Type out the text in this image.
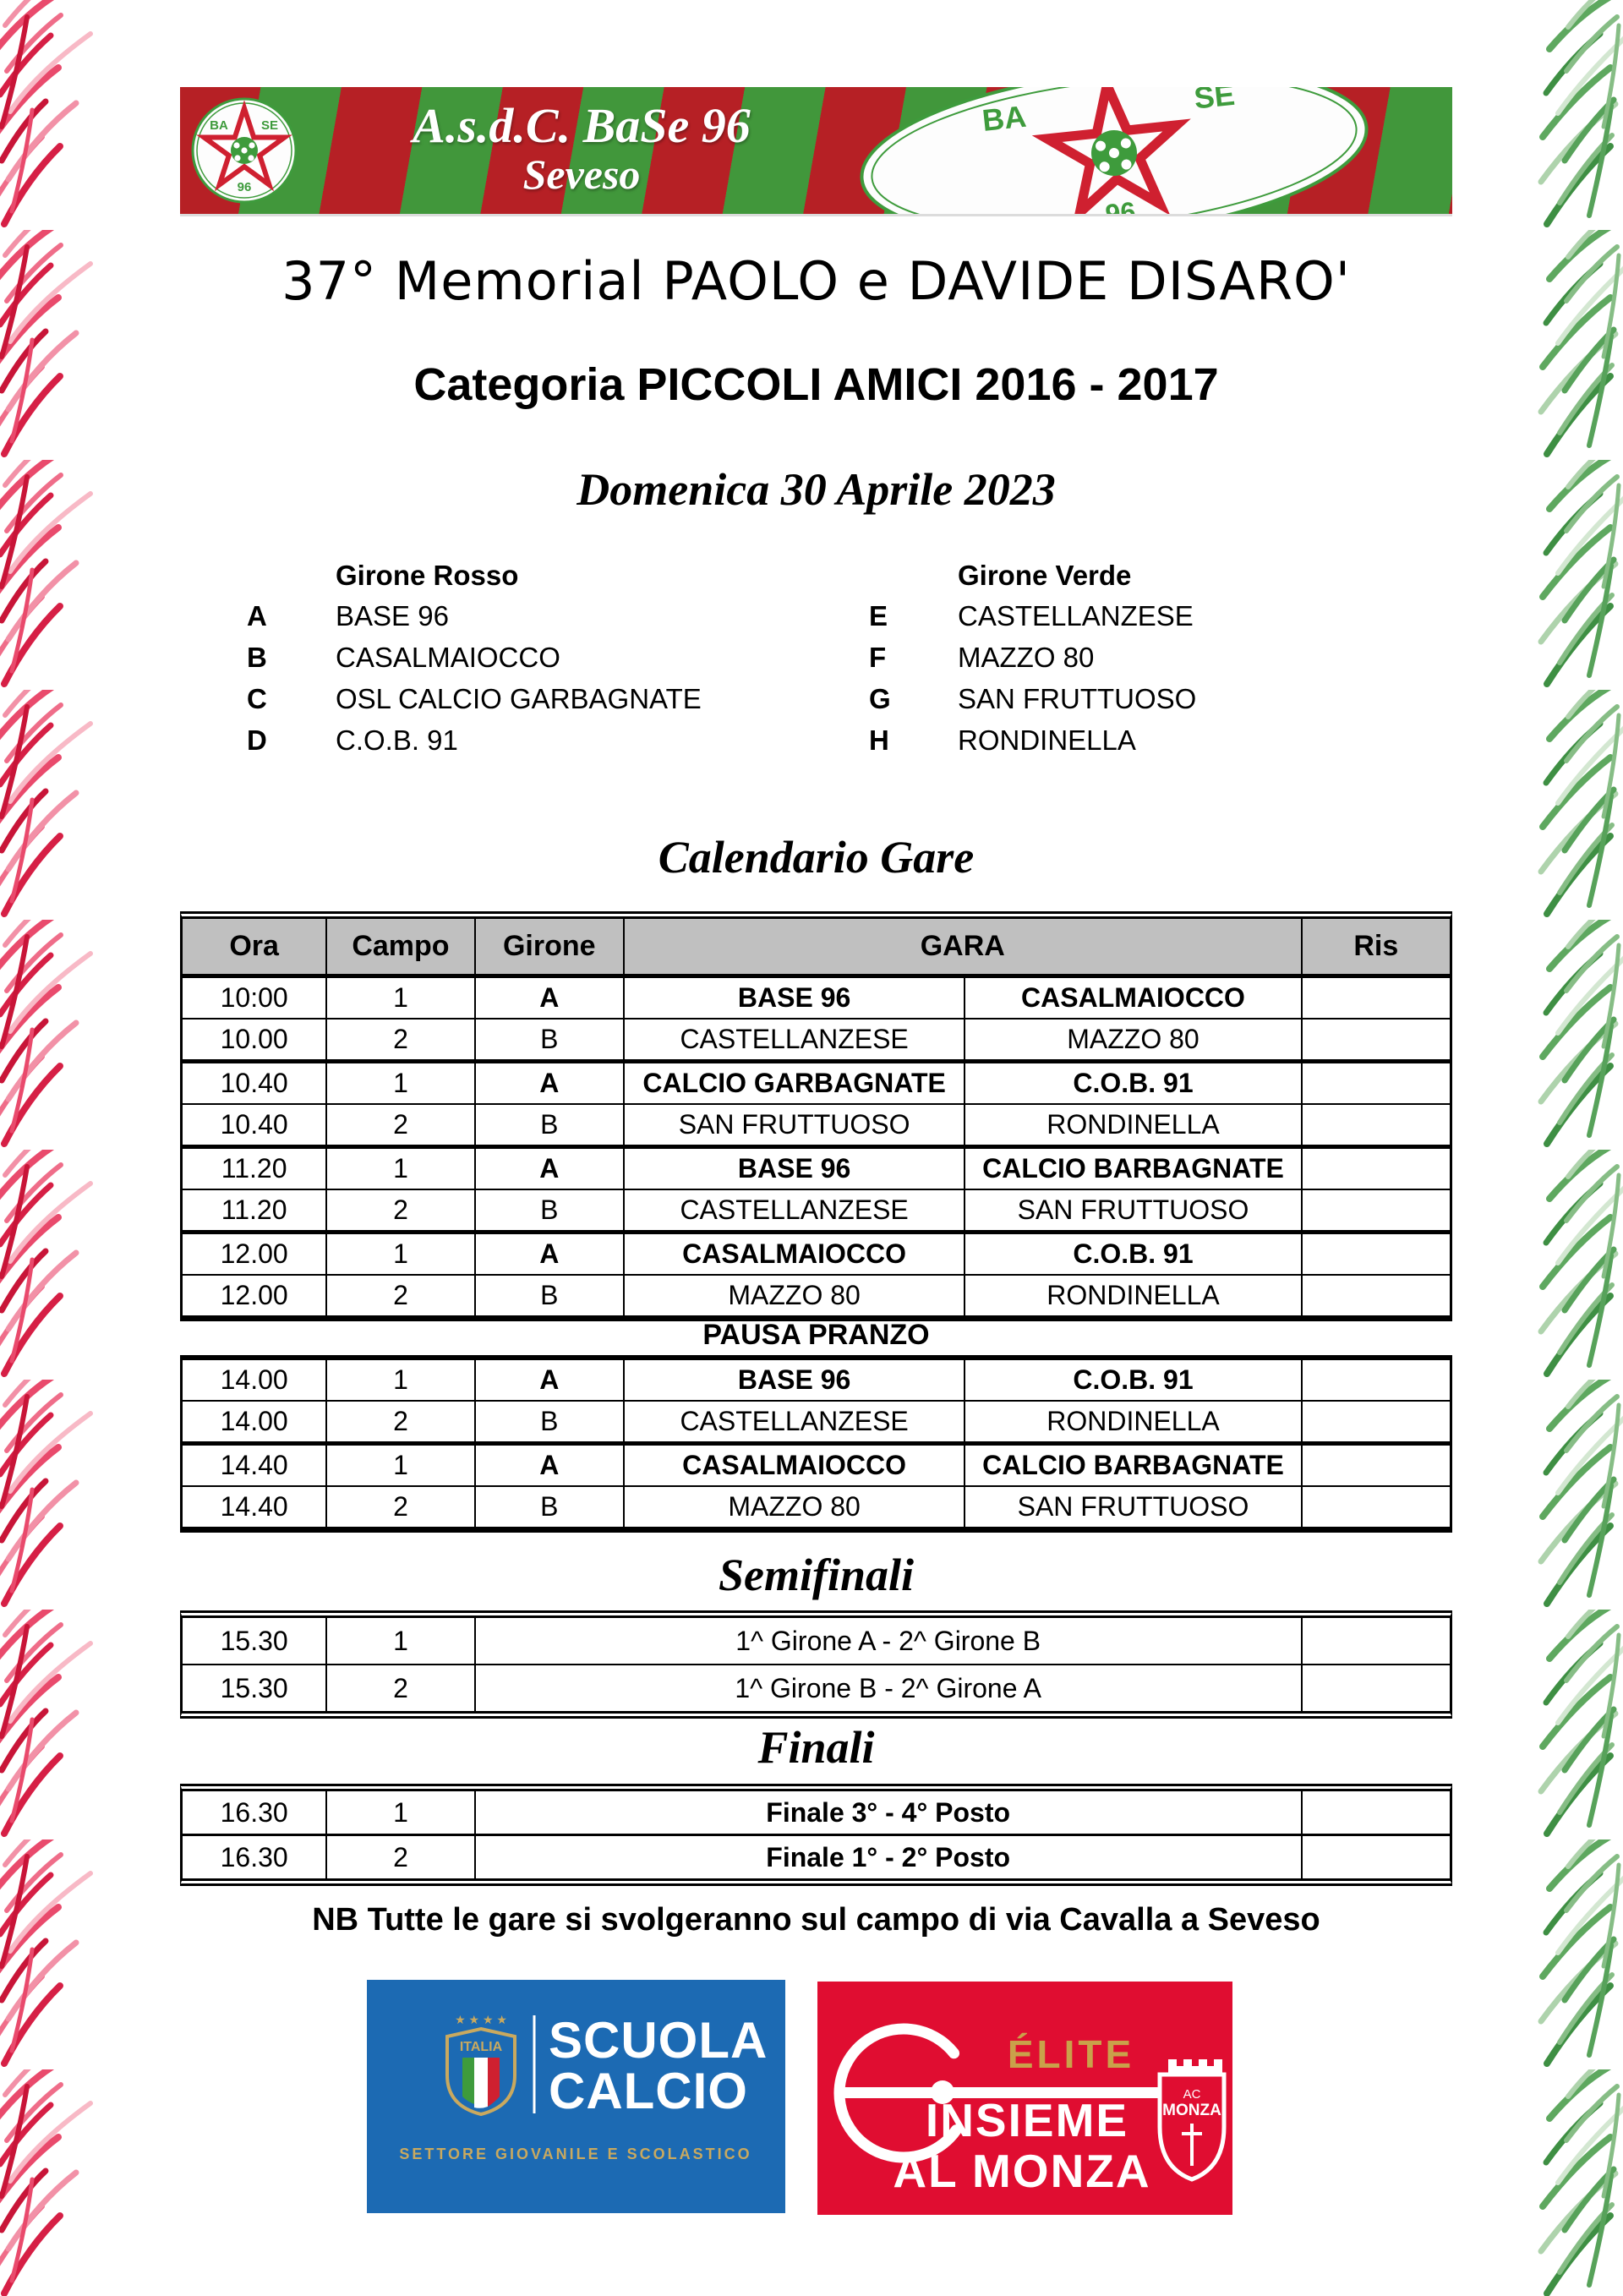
BA	SE
96
A.s.d.C. BaSe 96
Seveso
BA
SE
96
37° Memorial PAOLO e DAVIDE DISARO'
Categoria PICCOLI AMICI 2016 - 2017
Domenica 30 Aprile 2023
Girone Rosso
A	BASE 96
B	CASALMAIOCCO
C	OSL CALCIO GARBAGNATE
D	C.O.B. 91
Girone Verde
E	CASTELLANZESE
F	MAZZO 80
G	SAN FRUTTUOSO
H	RONDINELLA
Calendario Gare
Ora	Campo	Girone	GARA	Ris
10:00	1	A	BASE 96	CASALMAIOCCO
10.00	2	B	CASTELLANZESE	MAZZO 80
10.40	1	A	CALCIO GARBAGNATE	C.O.B. 91
10.40	2	B	SAN FRUTTUOSO	RONDINELLA
11.20	1	A	BASE 96	CALCIO BARBAGNATE
11.20	2	B	CASTELLANZESE	SAN FRUTTUOSO
12.00	1	A	CASALMAIOCCO	C.O.B. 91
12.00	2	B	MAZZO 80	RONDINELLA
PAUSA PRANZO
14.00	1	A	BASE 96	C.O.B. 91
14.00	2	B	CASTELLANZESE	RONDINELLA
14.40	1	A	CASALMAIOCCO	CALCIO BARBAGNATE
14.40	2	B	MAZZO 80	SAN FRUTTUOSO
Semifinali
15.30	1	1^ Girone A - 2^ Girone B
15.30	2	1^ Girone B - 2^ Girone A
Finali
16.30	1	Finale 3° - 4° Posto
16.30	2	Finale 1° - 2° Posto
NB Tutte le gare si svolgeranno sul campo di via Cavalla a Seveso
★ ★ ★ ★
ITALIA SCUOLA
CALCIO
SETTORE GIOVANILE E SCOLASTICO
ÉLITE
INSIEME
AL MONZA
AC
MONZA
